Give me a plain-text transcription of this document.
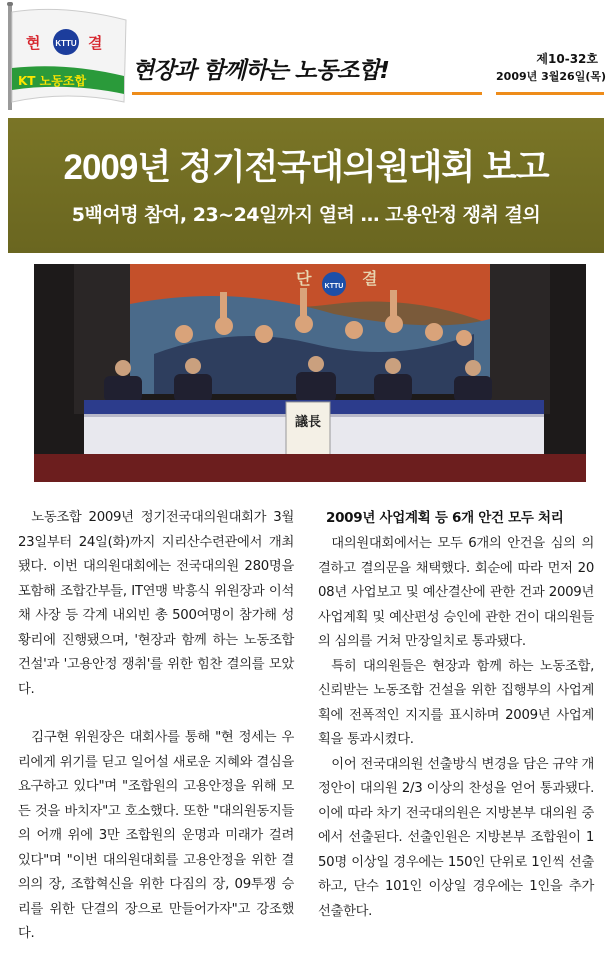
KTTU
현	결
KT 노동조합 현장과 함께하는 노동조합!	제10-32호
2009년 3월26일(목)
2009년 정기전국대의원대회 보고
5백여명 참여, 23~24일까지 열려 … 고용안정 쟁취 결의
KTTU
단	결
議長

노동조합 2009년 정기전국대의원대회가 3월 23일부터 24일(화)까지 지리산수련관에서 개최됐다. 이번 대의원대회에는 전국대의원 280명을 포함해 조합간부들, IT연맹 박흥식 위원장과 이석채 사장 등 각계 내외빈 총 500여명이 참가해 성황리에 진행됐으며, '현장과 함께 하는 노동조합 건설'과 '고용안정 쟁취'를 위한 힘찬 결의를 모았다.

김구현 위원장은 대회사를 통해 "현 정세는 우리에게 위기를 딛고 일어설 새로운 지혜와 결심을 요구하고 있다"며 "조합원의 고용안정을 위해 모든 것을 바치자"고 호소했다. 또한 "대의원동지들의 어깨 위에 3만 조합원의 운명과 미래가 걸려 있다"며 "이번 대의원대회를 고용안정을 위한 결의의 장, 조합혁신을 위한 다짐의 장, 09투쟁 승리를 위한 단결의 장으로 만들어가자"고 강조했다.

2009년 사업계획 등 6개 안건 모두 처리

대의원대회에서는 모두 6개의 안건을 심의 의결하고 결의문을 채택했다. 회순에 따라 먼저 2008년 사업보고 및 예산결산에 관한 건과 2009년 사업계획 및 예산편성 승인에 관한 건이 대의원들의 심의를 거쳐 만장일치로 통과됐다.

특히 대의원들은 현장과 함께 하는 노동조합, 신뢰받는 노동조합 건설을 위한 집행부의 사업계획에 전폭적인 지지를 표시하며 2009년 사업계획을 통과시켰다.

이어 전국대의원 선출방식 변경을 담은 규약 개정안이 대의원 2/3 이상의 찬성을 얻어 통과됐다. 이에 따라 차기 전국대의원은 지방본부 대의원 중에서 선출된다. 선출인원은 지방본부 조합원이 150명 이상일 경우에는 150인 단위로 1인씩 선출하고, 단수 101인 이상일 경우에는 1인을 추가 선출한다.
